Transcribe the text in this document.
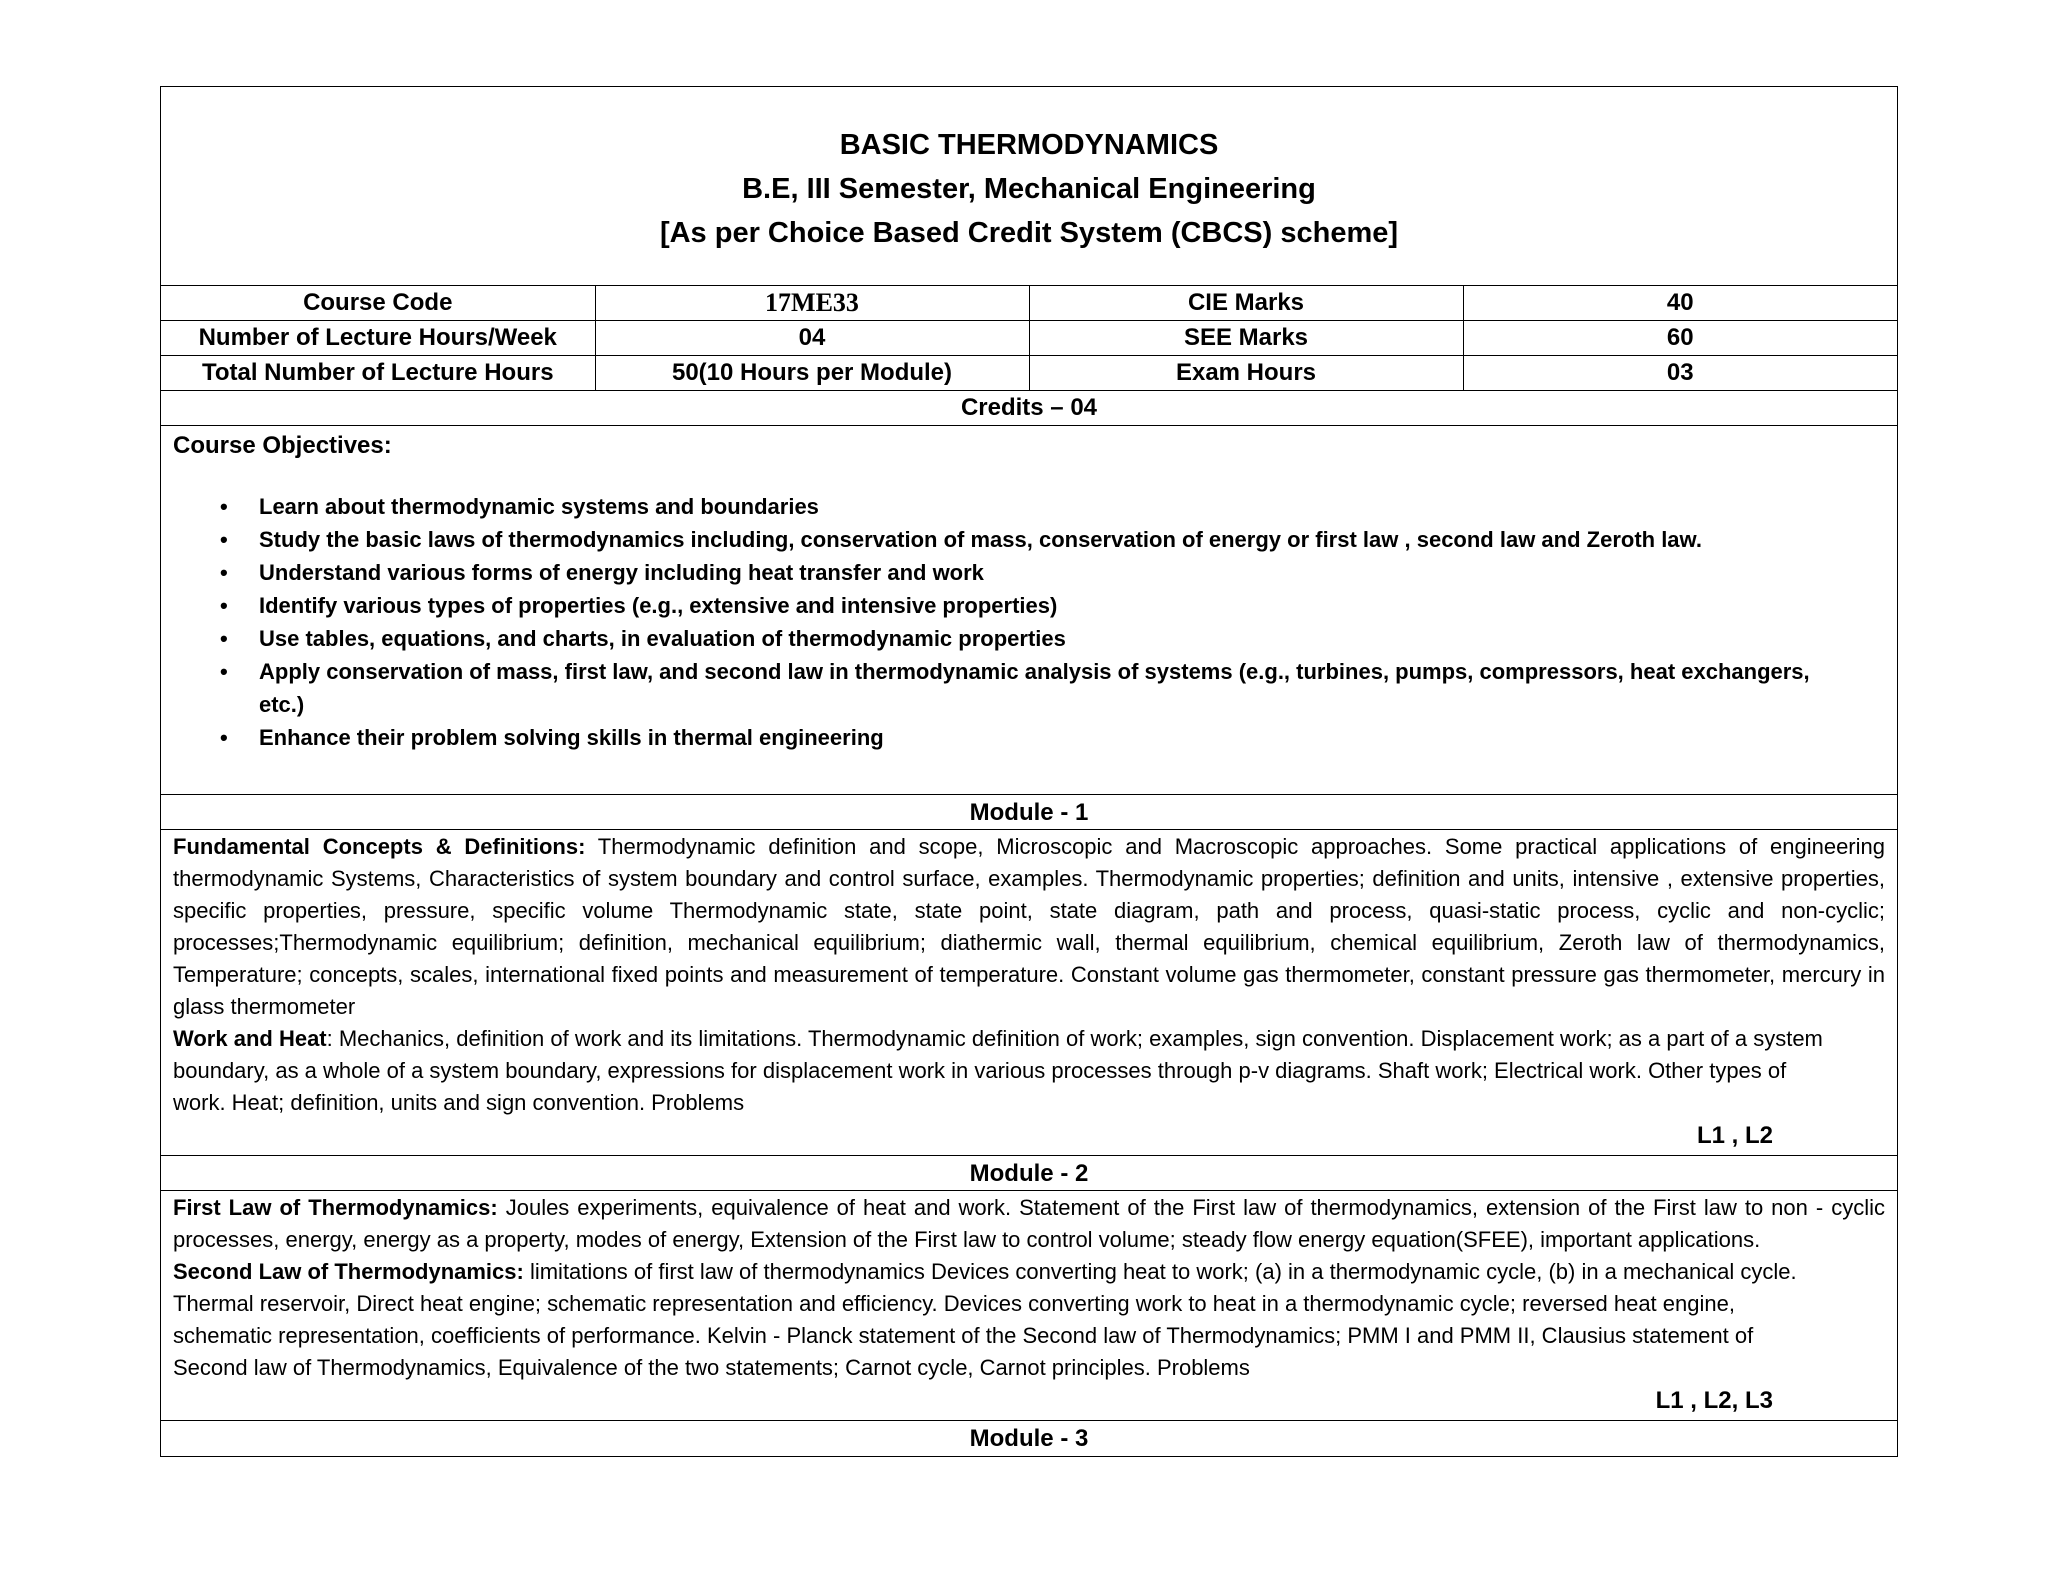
BASIC THERMODYNAMICS
B.E, III Semester, Mechanical Engineering
[As per Choice Based Credit System (CBCS) scheme]
Course Code	17ME33	CIE Marks	40
Number of Lecture Hours/Week	04	SEE Marks	60
Total Number of Lecture Hours	50(10 Hours per Module)	Exam Hours	03
Credits – 04			
Course Objectives:
• Learn about thermodynamic systems and boundaries
• Study the basic laws of thermodynamics including, conservation of mass, conservation of energy or first law , second law and Zeroth law.
• Understand various forms of energy including heat transfer and work
• Identify various types of properties (e.g., extensive and intensive properties)
• Use tables, equations, and charts, in evaluation of thermodynamic properties
• Apply conservation of mass, first law, and second law in thermodynamic analysis of systems (e.g., turbines, pumps, compressors, heat exchangers, etc.)
• Enhance their problem solving skills in thermal engineering
Module - 1

Fundamental Concepts & Definitions: Thermodynamic definition and scope, Microscopic and Macroscopic approaches. Some practical applications of engineering thermodynamic Systems, Characteristics of system boundary and control surface, examples. Thermodynamic properties; definition and units, intensive , extensive properties, specific properties, pressure, specific volume Thermodynamic state, state point, state diagram, path and process, quasi-static process, cyclic and non-cyclic; processes;Thermodynamic equilibrium; definition, mechanical equilibrium; diathermic wall, thermal equilibrium, chemical equilibrium, Zeroth law of thermodynamics, Temperature; concepts, scales, international fixed points and measurement of temperature. Constant volume gas thermometer, constant pressure gas thermometer, mercury in glass thermometer

Work and Heat: Mechanics, definition of work and its limitations. Thermodynamic definition of work; examples, sign convention. Displacement work; as a part of a system boundary, as a whole of a system boundary, expressions for displacement work in various processes through p-v diagrams. Shaft work; Electrical work. Other types of work. Heat; definition, units and sign convention. Problems

L1 , L2
Module - 2

First Law of Thermodynamics: Joules experiments, equivalence of heat and work. Statement of the First law of thermodynamics, extension of the First law to non - cyclic processes, energy, energy as a property, modes of energy, Extension of the First law to control volume; steady flow energy equation(SFEE), important applications.

Second Law of Thermodynamics: limitations of first law of thermodynamics Devices converting heat to work; (a) in a thermodynamic cycle, (b) in a mechanical cycle. Thermal reservoir, Direct heat engine; schematic representation and efficiency. Devices converting work to heat in a thermodynamic cycle; reversed heat engine, schematic representation, coefficients of performance. Kelvin - Planck statement of the Second law of Thermodynamics; PMM I and PMM II, Clausius statement of Second law of Thermodynamics, Equivalence of the two statements; Carnot cycle, Carnot principles. Problems

L1 , L2, L3
Module - 3
